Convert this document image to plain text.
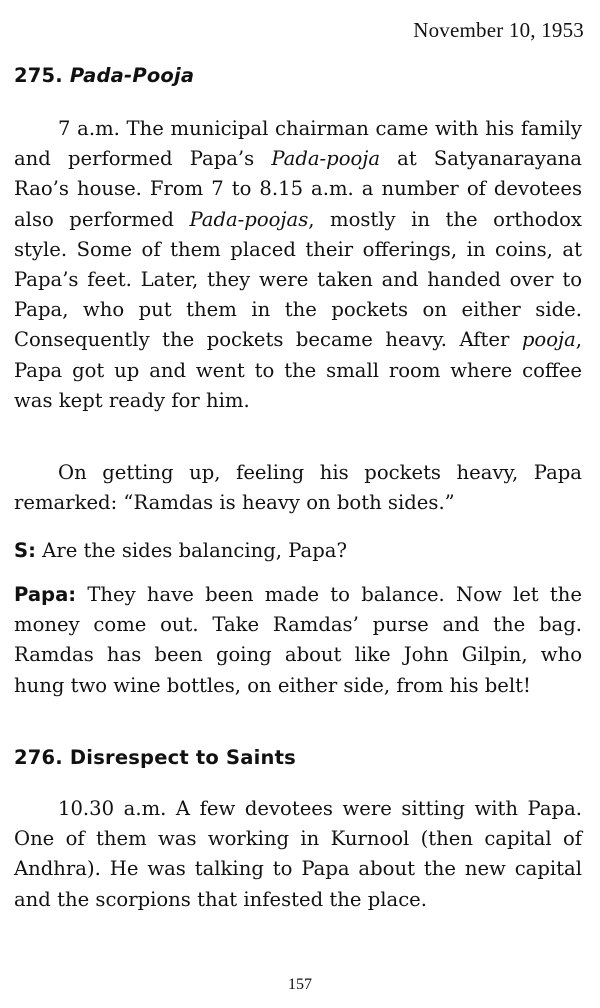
November 10, 1953
275. Pada-Pooja

7 a.m. The municipal chairman came with his family and performed Papa’s Pada-pooja at Satyanarayana Rao’s house. From 7 to 8.15 a.m. a number of devotees also performed Pada-poojas, mostly in the orthodox style. Some of them placed their offerings, in coins, at Papa’s feet. Later, they were taken and handed over to Papa, who put them in the pockets on either side. Consequently the pockets became heavy. After pooja, Papa got up and went to the small room where coffee was kept ready for him.

On getting up, feeling his pockets heavy, Papa remarked: “Ramdas is heavy on both sides.”

S: Are the sides balancing, Papa?

Papa: They have been made to balance. Now let the money come out. Take Ramdas’ purse and the bag. Ramdas has been going about like John Gilpin, who hung two wine bottles, on either side, from his belt!

276. Disrespect to Saints

10.30 a.m. A few devotees were sitting with Papa. One of them was working in Kurnool (then capital of Andhra). He was talking to Papa about the new capital and the scorpions that infested the place.

157
